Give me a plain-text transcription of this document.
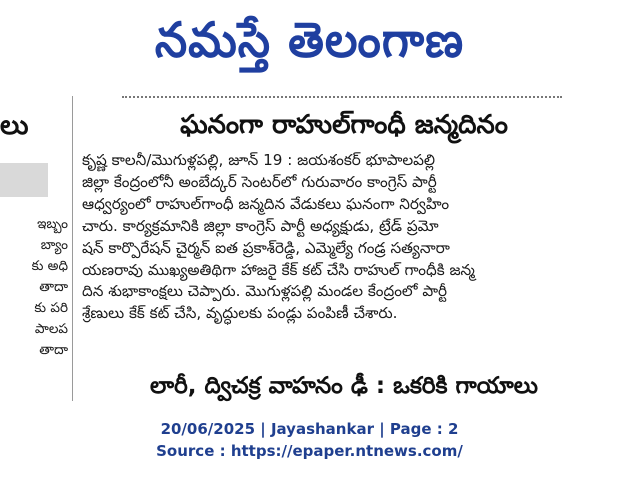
నమస్తే తెలంగాణ
లు
ఇబ్బం
బ్యాం
కు అధి
తాదా
కు పరి
పాలప
తాదా
ఘనంగా రాహుల్‌గాంధీ జన్మదినం
కృష్ణ కాలనీ/మొగుళ్లపల్లి, జూన్ 19 : జయశంకర్ భూపాలపల్లి
జిల్లా కేంద్రంలోనీ అంబేద్కర్ సెంటర్‌లో గురువారం కాంగ్రెస్ పార్టీ
ఆధ్వర్యంలో రాహుల్‌గాంధీ జన్మదిన వేడుకలు ఘనంగా నిర్వహిం
చారు. కార్యక్రమానికి జిల్లా కాంగ్రెస్ పార్టీ అధ్యక్షుడు, ట్రేడ్ ప్రమో
షన్ కార్పొరేషన్ చైర్మన్ ఐత ప్రకాశ్‌రెడ్డి, ఎమ్మెల్యే గండ్ర సత్యనారా
యణరావు ముఖ్యఅతిథిగా హాజరై కేక్ కట్ చేసి రాహుల్ గాంధీకి జన్మ
దిన శుభాకాంక్షలు చెప్పారు. మొగుళ్లపల్లి మండల కేంద్రంలో పార్టీ
శ్రేణులు కేక్ కట్ చేసి, వృద్ధులకు పండ్లు పంపిణీ చేశారు.
లారీ, ద్విచక్ర వాహనం ఢీ : ఒకరికి గాయాలు
20/06/2025 | Jayashankar | Page : 2
Source : https://epaper.ntnews.com/
